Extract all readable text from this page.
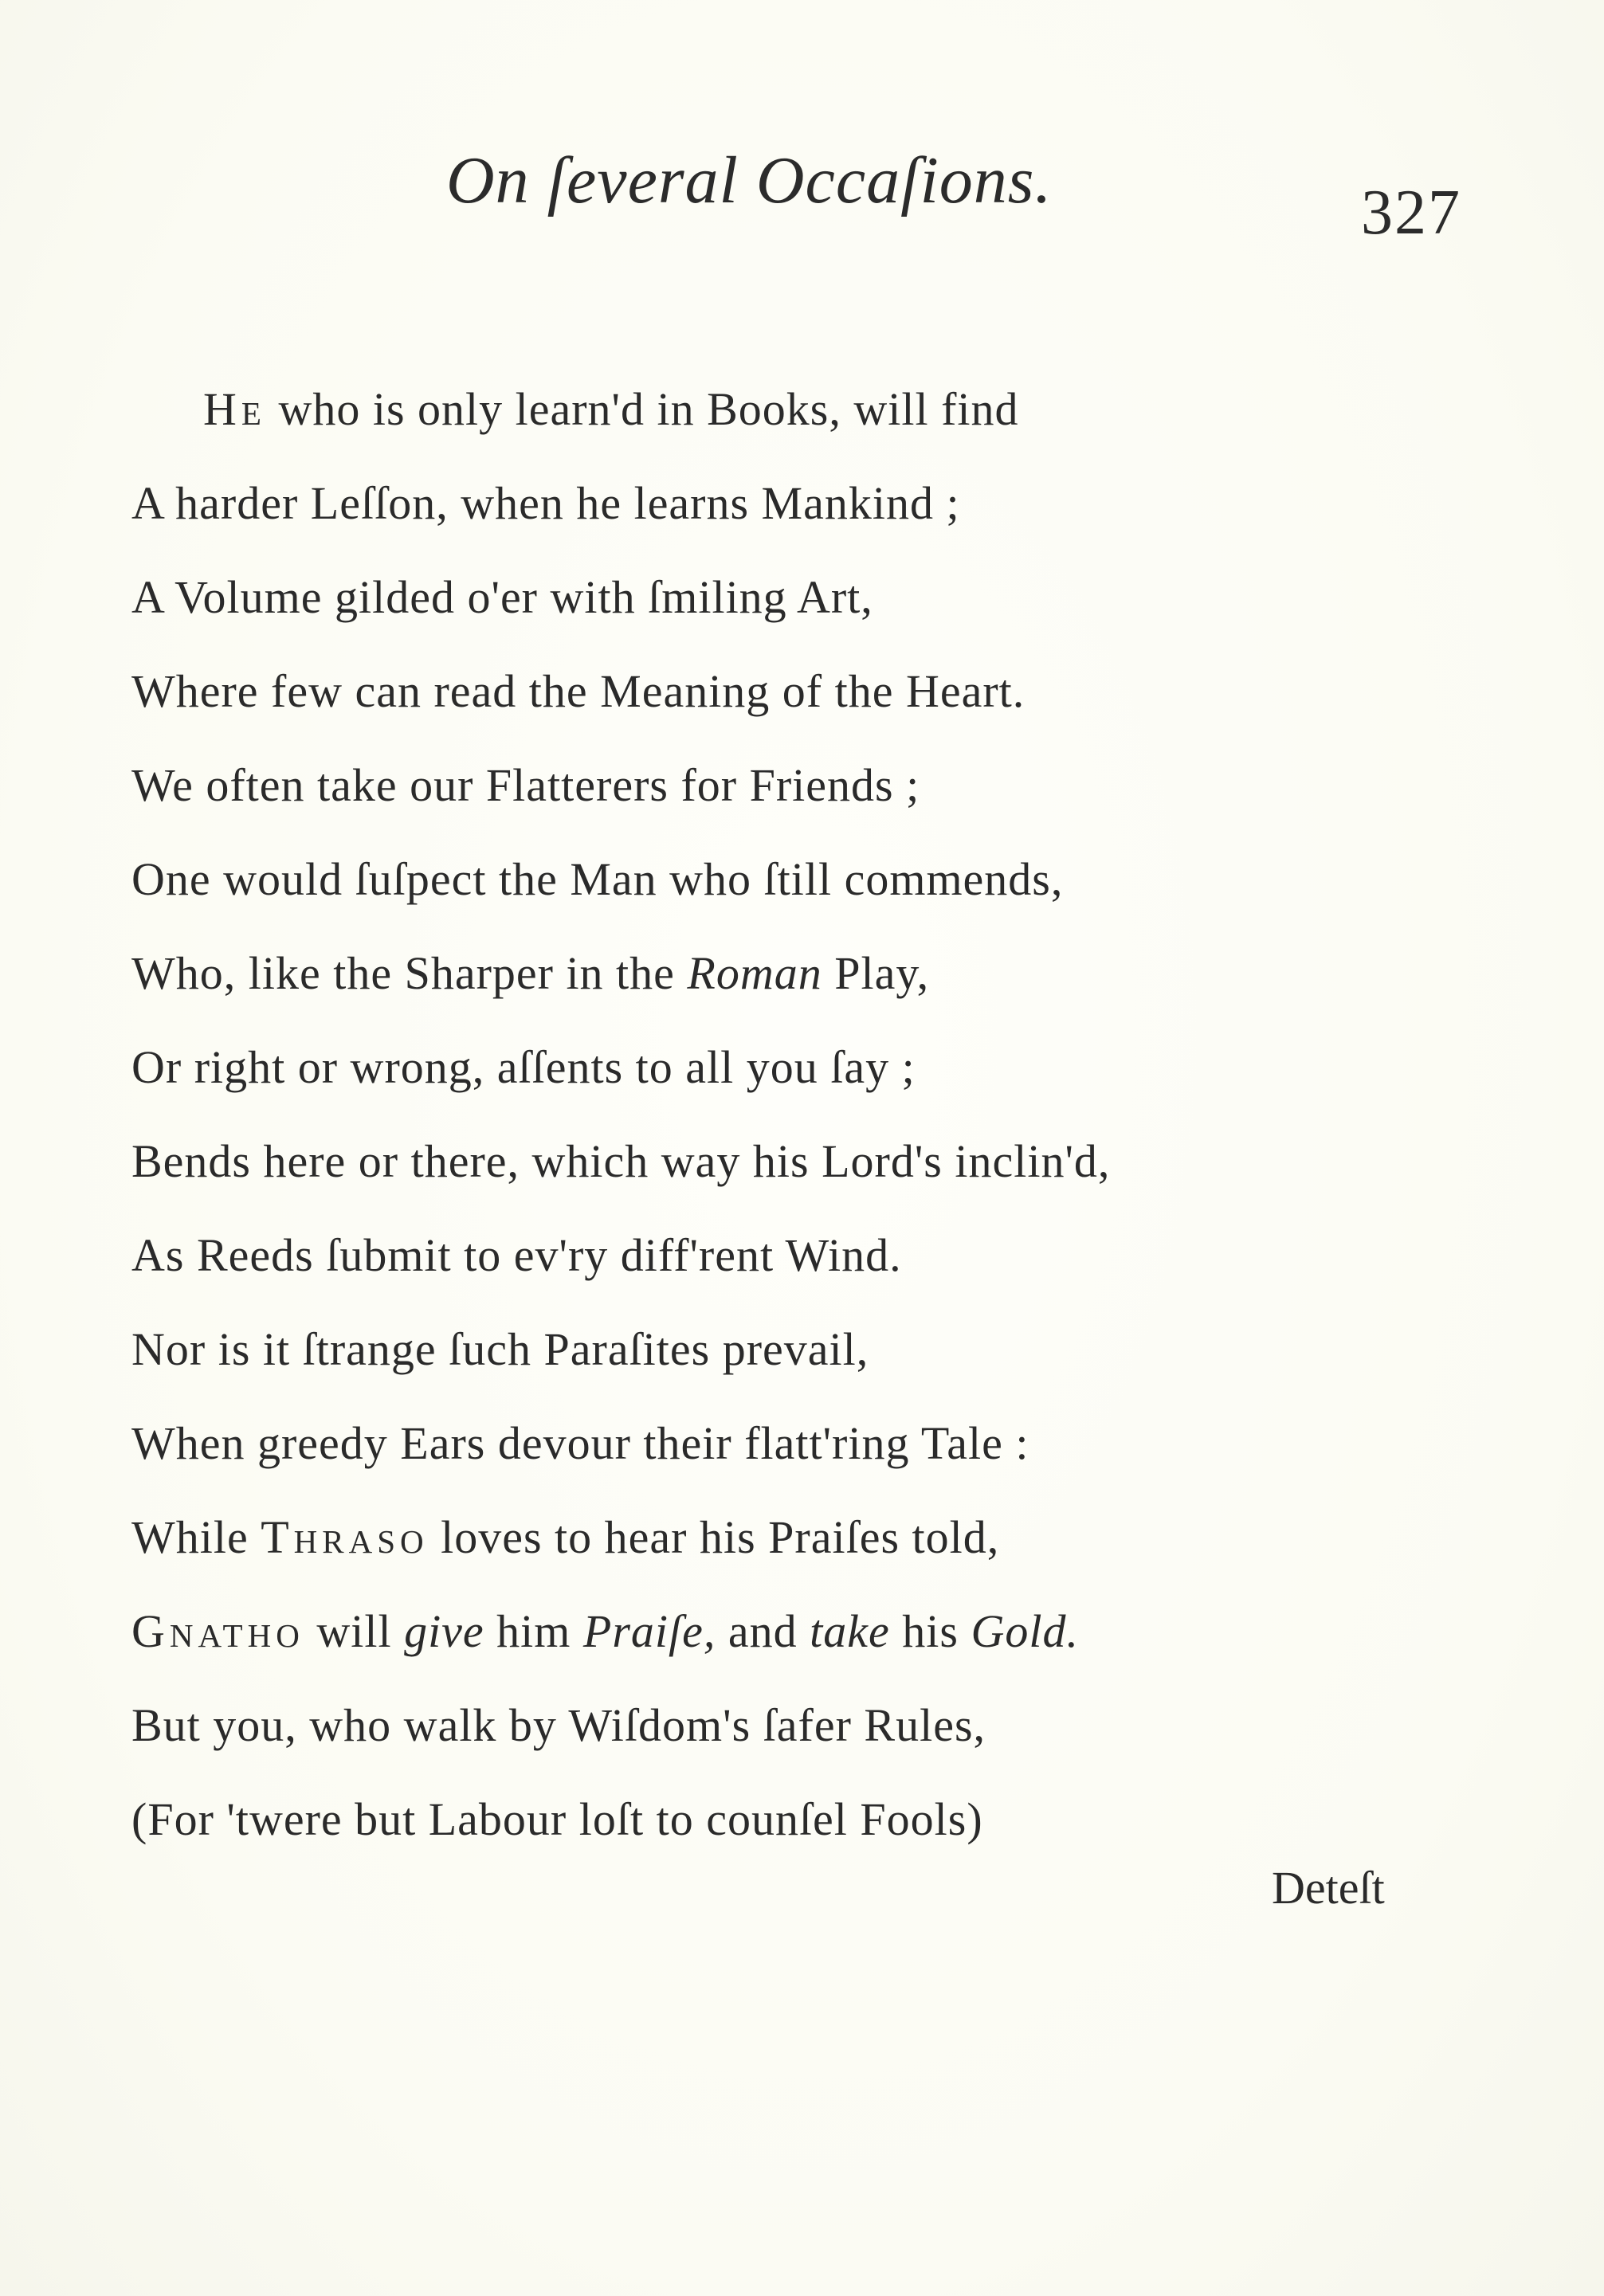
On ſeveral Occaſions.	327
He who is only learn'd in Books, will find
A harder Leſſon, when he learns Mankind ;
A Volume gilded o'er with ſmiling Art,
Where few can read the Meaning of the Heart.
We often take our Flatterers for Friends ;
One would ſuſpect the Man who ſtill commends,
Who, like the Sharper in the Roman Play,
Or right or wrong, aſſents to all you ſay ;
Bends here or there, which way his Lord's inclin'd,
As Reeds ſubmit to ev'ry diff'rent Wind.
Nor is it ſtrange ſuch Paraſites prevail,
When greedy Ears devour their flatt'ring Tale :
While Thraso loves to hear his Praiſes told,
Gnatho will give him Praiſe, and take his Gold.
But you, who walk by Wiſdom's ſafer Rules,
(For 'twere but Labour loſt to counſel Fools)
Deteſt
